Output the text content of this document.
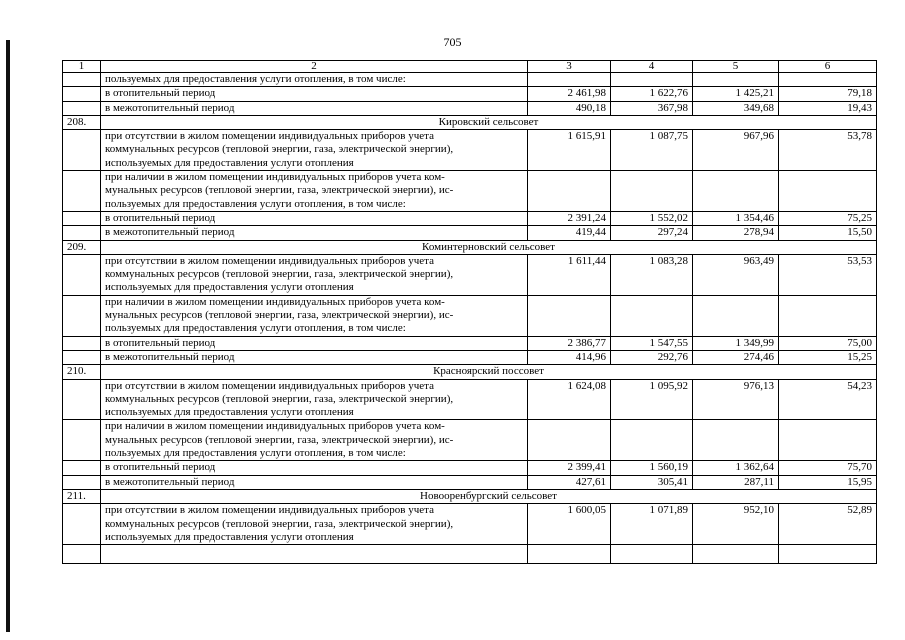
705
1	2	3	4	5	6
	пользуемых для предоставления услуги отопления, в том числе:				
	в отопительный период	2 461,98	1 622,76	1 425,21	79,18
	в межотопительный период	490,18	367,98	349,68	19,43
208.	Кировский сельсовет				

	при отсутствии в жилом помещении индивидуальных приборов учета
коммунальных ресурсов (тепловой энергии, газа, электрической энергии),
используемых для предоставления услуги отопления	1 615,91	1 087,75	967,96	53,78

	при наличии в жилом помещении индивидуальных приборов учета ком-
мунальных ресурсов (тепловой энергии, газа, электрической энергии), ис-
пользуемых для предоставления услуги отопления, в том числе:				

	в отопительный период	2 391,24	1 552,02	1 354,46	75,25
	в межотопительный период	419,44	297,24	278,94	15,50
209.	Коминтерновский сельсовет				

	при отсутствии в жилом помещении индивидуальных приборов учета
коммунальных ресурсов (тепловой энергии, газа, электрической энергии),
используемых для предоставления услуги отопления	1 611,44	1 083,28	963,49	53,53

	при наличии в жилом помещении индивидуальных приборов учета ком-
мунальных ресурсов (тепловой энергии, газа, электрической энергии), ис-
пользуемых для предоставления услуги отопления, в том числе:				

	в отопительный период	2 386,77	1 547,55	1 349,99	75,00
	в межотопительный период	414,96	292,76	274,46	15,25
210.	Красноярский поссовет				

	при отсутствии в жилом помещении индивидуальных приборов учета
коммунальных ресурсов (тепловой энергии, газа, электрической энергии),
используемых для предоставления услуги отопления	1 624,08	1 095,92	976,13	54,23

	при наличии в жилом помещении индивидуальных приборов учета ком-
мунальных ресурсов (тепловой энергии, газа, электрической энергии), ис-
пользуемых для предоставления услуги отопления, в том числе:				

	в отопительный период	2 399,41	1 560,19	1 362,64	75,70
	в межотопительный период	427,61	305,41	287,11	15,95
211.	Новооренбургский сельсовет				

	при отсутствии в жилом помещении индивидуальных приборов учета
коммунальных ресурсов (тепловой энергии, газа, электрической энергии),
используемых для предоставления услуги отопления	1 600,05	1 071,89	952,10	52,89
